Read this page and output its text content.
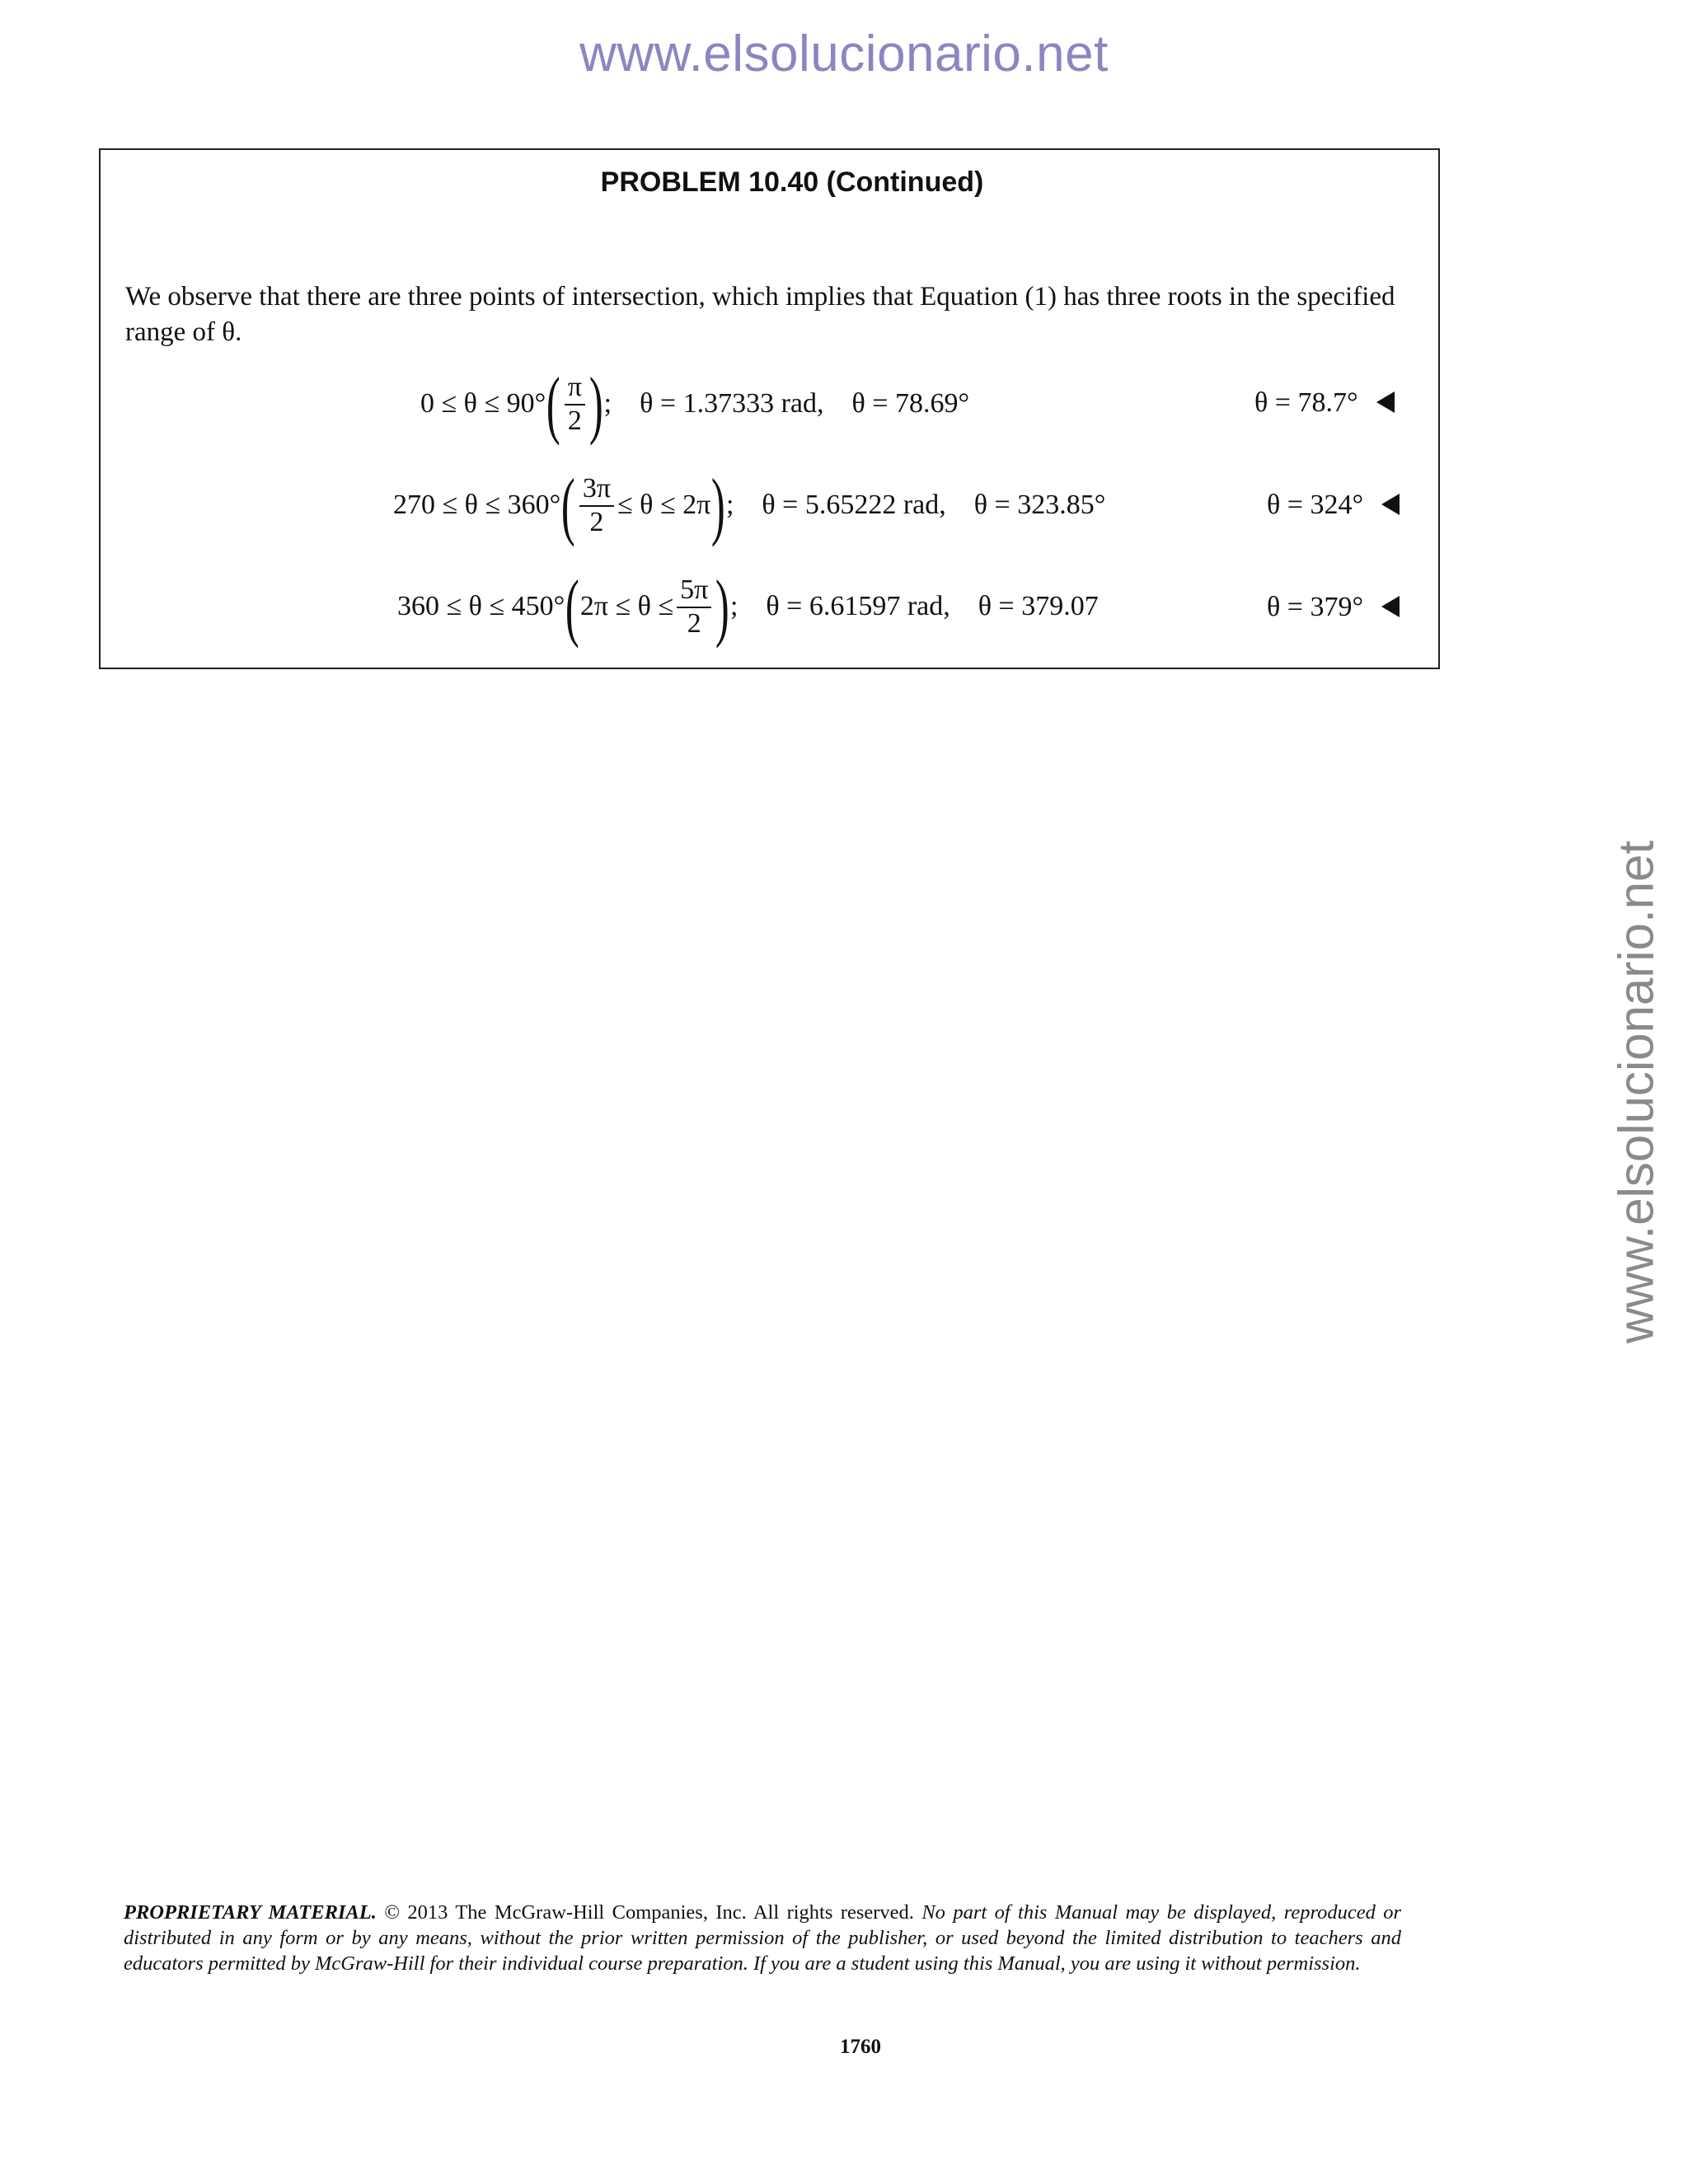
www.elsolucionario.net
www.elsolucionario.net
PROBLEM 10.40 (Continued)
We observe that there are three points of intersection, which implies that Equation (1) has three roots in the specified range of θ.
$0 \le \theta \le 90^\circ( \frac{\pi}{2}$ );    θ = 1.37333 rad, θ = 78.69°	θ = 78.7°
$270 \le \theta \le 360^\circ( \frac{3\pi}{2} \le \theta \le 2\pi)$;    θ = 5.65222 rad, θ = 323.85°	θ = 324°
$360 \le \theta \le 450^\circ(2\pi \le \theta \le \frac{5\pi}{2}$ );    θ = 6.61597 rad, θ = 379.07	θ = 379°
PROPRIETARY MATERIAL. © 2013 The McGraw-Hill Companies, Inc. All rights reserved. No part of this Manual may be displayed, reproduced or distributed in any form or by any means, without the prior written permission of the publisher, or used beyond the limited distribution to teachers and educators permitted by McGraw-Hill for their individual course preparation. If you are a student using this Manual, you are using it without permission.
1760
